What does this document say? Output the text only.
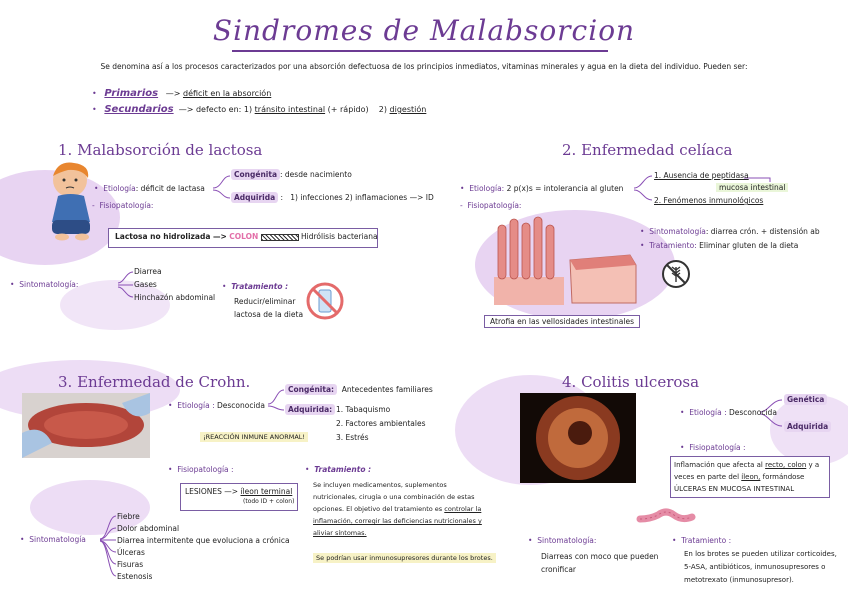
Sindromes de Malabsorcion
Se denomina así a los procesos caracterizados por una absorción defectuosa de los principios inmediatos, vitaminas minerales y agua en la dieta del individuo. Pueden ser:
• Primarios —> déficit en la absorción
• Secundarios —> defecto en: 1) tránsito intestinal (+ rápido) 2) digestión
1. Malabsorción de lactosa
• Etiología: déficit de lactasa
Congénita : desde nacimiento
Adquirida : 1) infecciones 2) inflamaciones —> ID
- Fisiopatología:
Lactosa no hidrolizada —> COLON	Hidrólisis bacteriana
• Sintomatología:
Diarrea
Gases
Hinchazón abdominal
• Tratamiento :
Reducir/eliminar
lactosa de la dieta
2. Enfermedad celíaca
• Etiología: 2 p(x)s = intolerancia al gluten
1. Ausencia de peptidasa
mucosa intestinal
2. Fenómenos inmunológicos
- Fisiopatología:
• Sintomatología: diarrea crón. + distensión ab
• Tratamiento: Eliminar gluten de la dieta
Atrofia en las vellosidades intestinales
3. Enfermedad de Crohn.
• Etiología : Desconocida
Congénita: Antecedentes familiares
Adquirida: 1. Tabaquismo
2. Factores ambientales
3. Estrés
¡REACCIÓN INMUNE ANORMAL!
• Fisiopatología :
LESIONES —> íleon terminal
(todo ID + colon)
• Tratamiento :
Se incluyen medicamentos, suplementos
nutricionales, cirugía o una combinación de estas
opciones. El objetivo del tratamiento es controlar la
inflamación, corregir las deficiencias nutricionales y
aliviar síntomas.
Se podrían usar inmunosupresores durante los brotes.
• Sintomatología
Fiebre
Dolor abdominal
Diarrea intermitente que evoluciona a crónica
Úlceras
Fisuras
Estenosis
4. Colitis ulcerosa
Genética
• Etiología : Desconocida
Adquirida
• Fisiopatología :
Inflamación que afecta al recto, colon y a
veces en parte del íleon, formándose
ÚLCERAS EN MUCOSA INTESTINAL
• Sintomatología:
Diarreas con moco que pueden
cronificar
• Tratamiento :
En los brotes se pueden utilizar corticoides,
5-ASA, antibióticos, inmunosupresores o
metotrexato (inmunosupresor).
